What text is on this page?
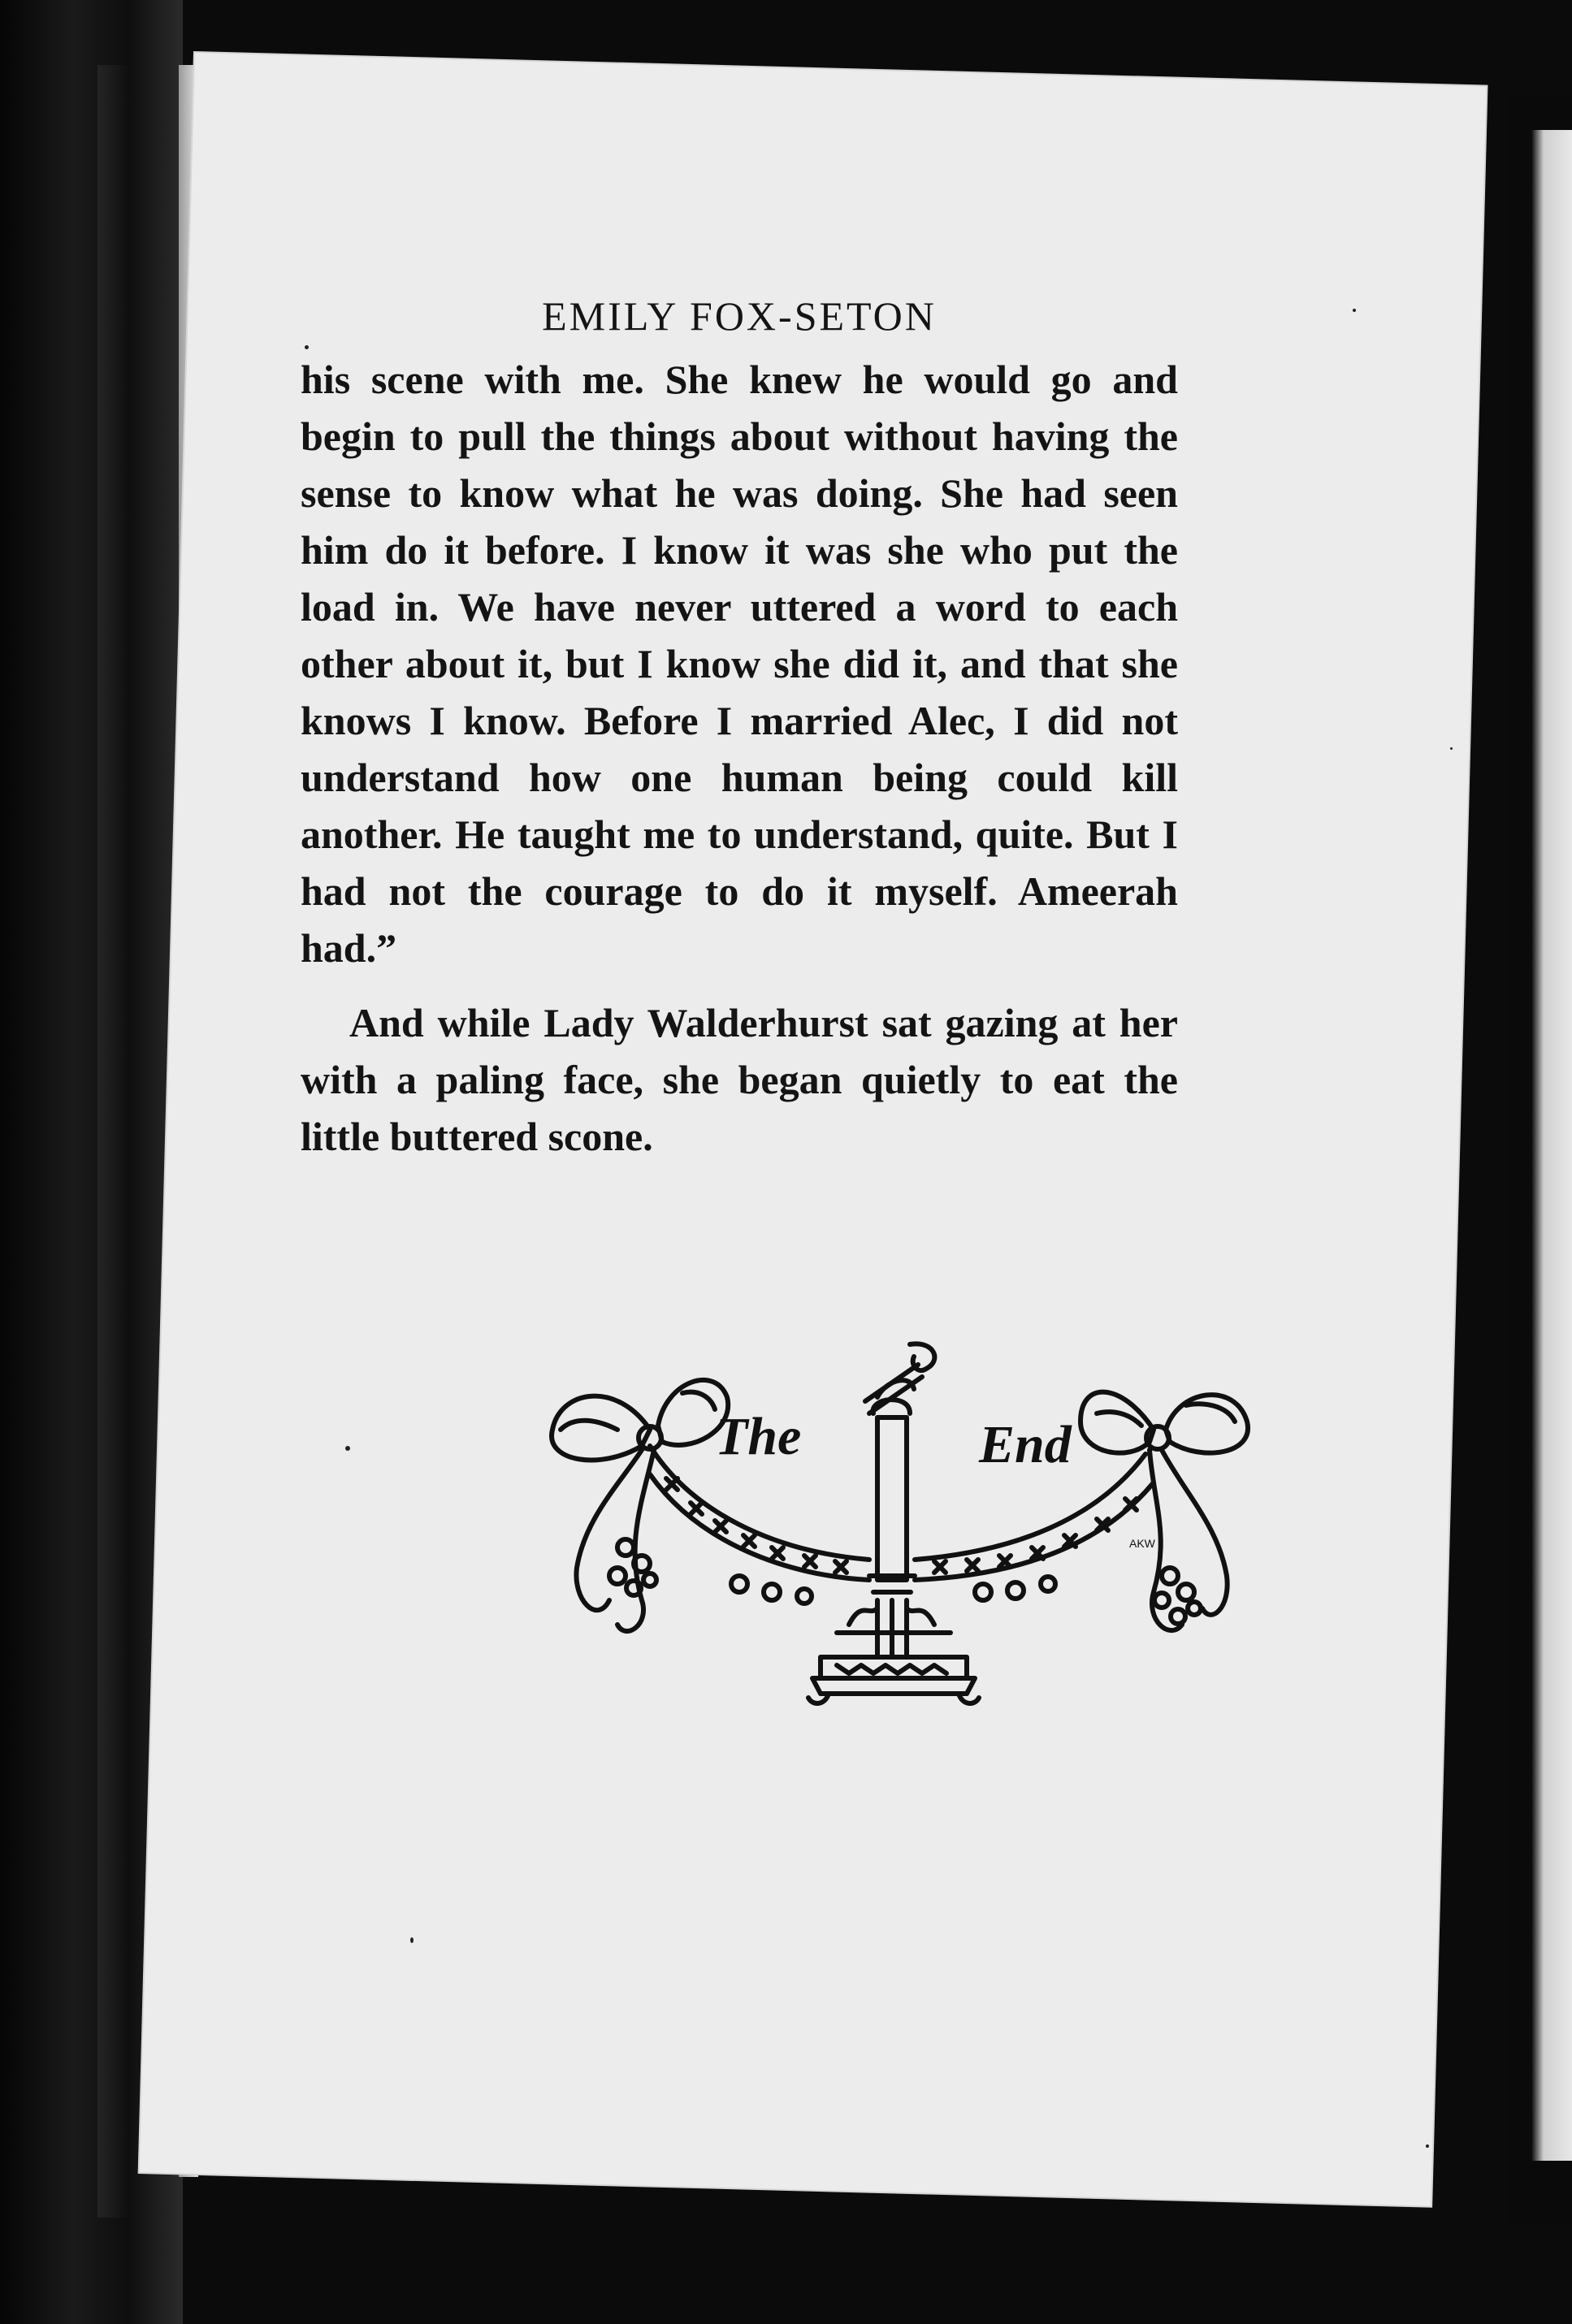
EMILY FOX-SETON

his scene with me. She knew he would go and begin to pull the things about without having the sense to know what he was doing. She had seen him do it before. I know it was she who put the load in. We have never uttered a word to each other about it, but I know she did it, and that she knows I know. Before I married Alec, I did not understand how one human being could kill another. He taught me to understand, quite. But I had not the courage to do it myself. Ameerah had.”

And while Lady Walderhurst sat gazing at her with a paling face, she began quietly to eat the little buttered scone.

The	End
AKW
